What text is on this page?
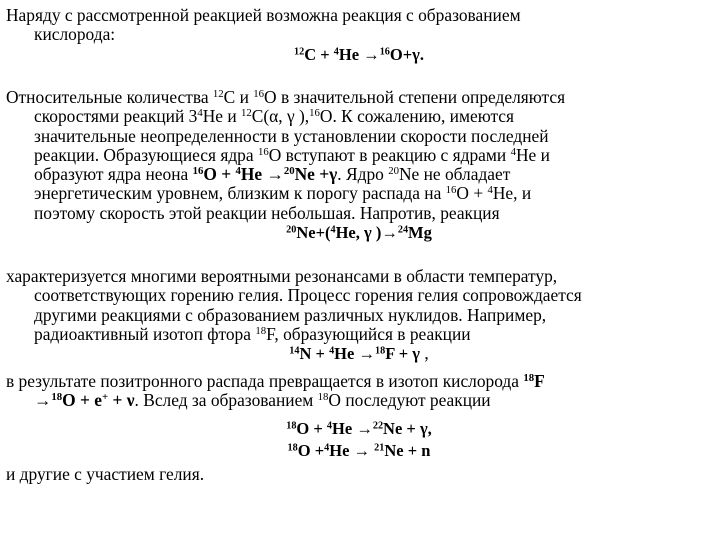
Наряду с рассмотренной реакцией возможна реакция с образованием
кислорода:
$^{12}$C + $^4$He →$^{16}$O+γ.
Относительные количества $^{12}$C и $^{16}$O в значительной степени определяются
скоростями реакций $3^4He$ и $^{12}$C(α, γ ),$^{16}$O. К сожалению, имеются
значительные неопределенности в установлении скорости последней
реакции. Образующиеся ядра $^{16}$O вступают в реакцию с ядрами $^4$He и
образуют ядра неона $^{16}$O + $^4$He →$^{20}$Ne +γ. Ядро $^{20}$Ne не обладает
энергетическим уровнем, близким к порогу распада на $^{16}$O + $^4$He, и
поэтому скорость этой реакции небольшая. Напротив, реакция
$^{20}$Ne+($^4$He, γ )→$^{24}$Mg
характеризуется многими вероятными резонансами в области температур,
соответствующих горению гелия. Процесс горения гелия сопровождается
другими реакциями с образованием различных нуклидов. Например,
радиоактивный изотоп фтора $^{18}$F, образующийся в реакции
$^{14}$N + $^4$He →$^{18}$F + γ ,
в результате позитронного распада превращается в изотоп кислорода $^{18}$F
→$^{18}$O + e+ + ν. Вслед за образованием $^{18}$O последуют реакции
$^{18}$O + $^4$He →$^{22}$Ne + γ,
$^{18}$O +$^4$He → $^{21}$Ne + n
и другие с участием гелия.
